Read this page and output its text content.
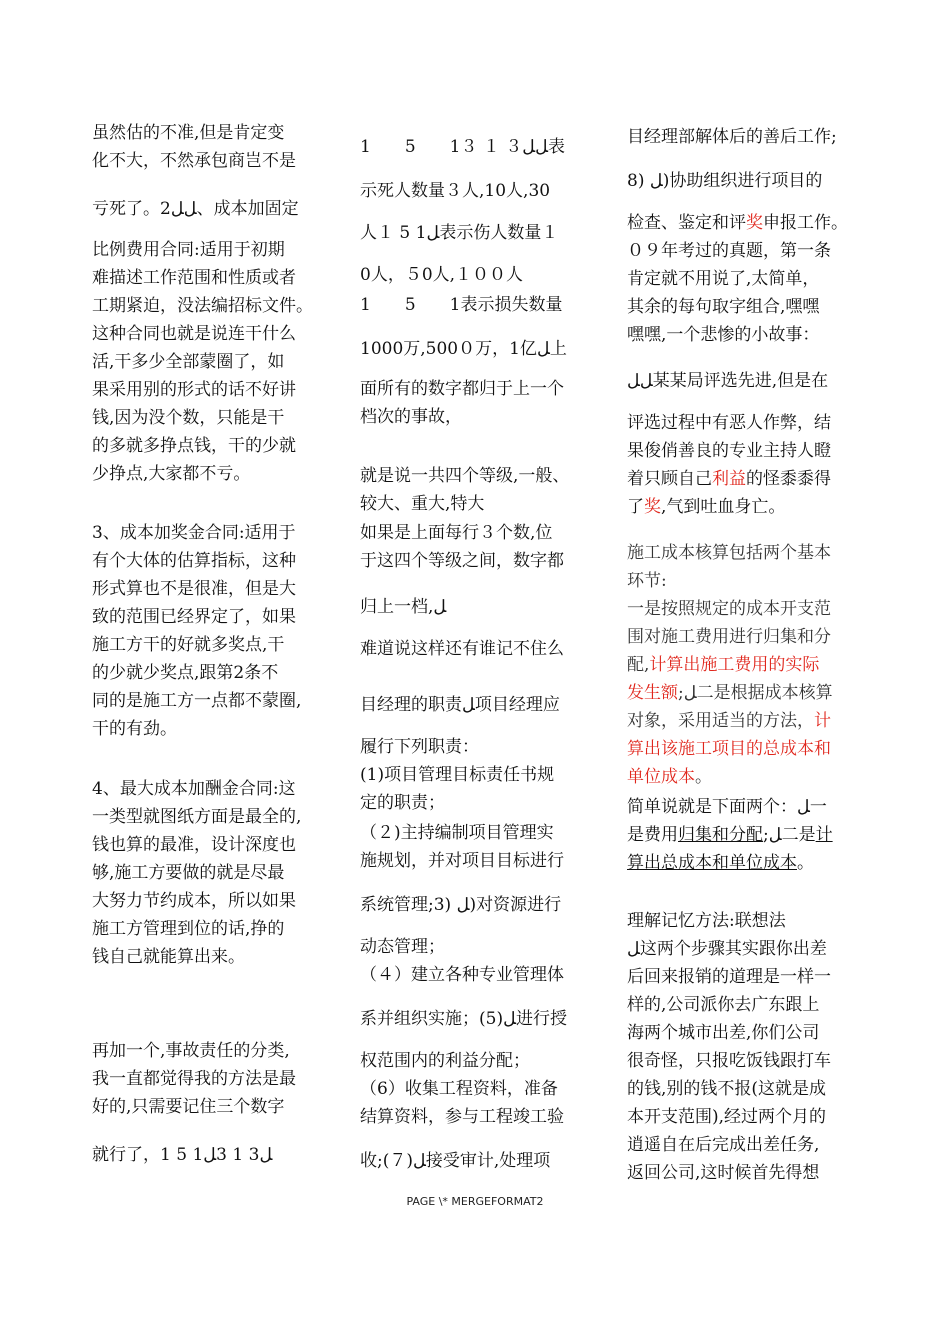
虽然估的不准,但是肯定变
化不大，不然承包商岂不是
亏死了。2ﻞﻞ、成本加固定
比例费用合同:适用于初期
难描述工作范围和性质或者
工期紧迫，没法编招标文件。
这种合同也就是说连干什么
活,干多少全部蒙圈了，如
果采用别的形式的话不好讲
钱,因为没个数，只能是干
的多就多挣点钱，干的少就
少挣点,大家都不亏。
3、成本加奖金合同:适用于
有个大体的估算指标，这种
形式算也不是很准，但是大
致的范围已经界定了，如果
施工方干的好就多奖点,干
的少就少奖点,跟第2条不
同的是施工方一点都不蒙圈,
干的有劲。
4、最大成本加酬金合同:这
一类型就图纸方面是最全的,
钱也算的最准，设计深度也
够,施工方要做的就是尽最
大努力节约成本，所以如果
施工方管理到位的话,挣的
钱自己就能算出来。
再加一个,事故责任的分类,
我一直都觉得我的方法是最
好的,只需要记住三个数字
就行了，1 5 1ﻞ3 1 3ﻞ
1　　5　　1３ １ ３ﻞﻞ表
示死人数量３人,10人,30
人１ 5 1ﻞ表示伤人数量１
0人，５0人,１００人
1　　5　　1表示损失数量
1000万,500０万，1亿ﻞ上
面所有的数字都归于上一个
档次的事故，
就是说一共四个等级,一般、
较大、重大,特大
如果是上面每行３个数,位
于这四个等级之间，数字都
归上一档,ﻞ
难道说这样还有谁记不住么
目经理的职责ﻞ项目经理应
履行下列职责：
(1)项目管理目标责任书规
定的职责；
（２)主持编制项目管理实
施规划，并对项目目标进行
系统管理;3) ﻞ)对资源进行
动态管理；
（４）建立各种专业管理体
系并组织实施；(5)ﻞ进行授
权范围内的利益分配；
（6）收集工程资料，准备
结算资料，参与工程竣工验
收;(７)ﻞ接受审计,处理项
目经理部解体后的善后工作;
8) ﻞ)协助组织进行项目的
检查、鉴定和评奖申报工作。
０９年考过的真题，第一条
肯定就不用说了,太简单，
其余的每句取字组合,嘿嘿
嘿嘿,一个悲惨的小故事：
ﻞﻞ某某局评选先进,但是在
评选过程中有恶人作弊，结
果俊俏善良的专业主持人瞪
着只顾自己利益的怪黍黍得
了奖,气到吐血身亡。
施工成本核算包括两个基本
环节:
一是按照规定的成本开支范
围对施工费用进行归集和分
配,计算出施工费用的实际
发生额;ﻞ二是根据成本核算
对象，采用适当的方法，计
算出该施工项目的总成本和
单位成本。
简单说就是下面两个：ﻞ一
是费用归集和分配;ﻞ二是计
算出总成本和单位成本。
理解记忆方法:联想法
ﻞ这两个步骤其实跟你出差
后回来报销的道理是一样一
样的,公司派你去广东跟上
海两个城市出差,你们公司
很奇怪，只报吃饭钱跟打车
的钱,别的钱不报(这就是成
本开支范围),经过两个月的
逍遥自在后完成出差任务,
返回公司,这时候首先得想
PAGE \* MERGEFORMAT2
